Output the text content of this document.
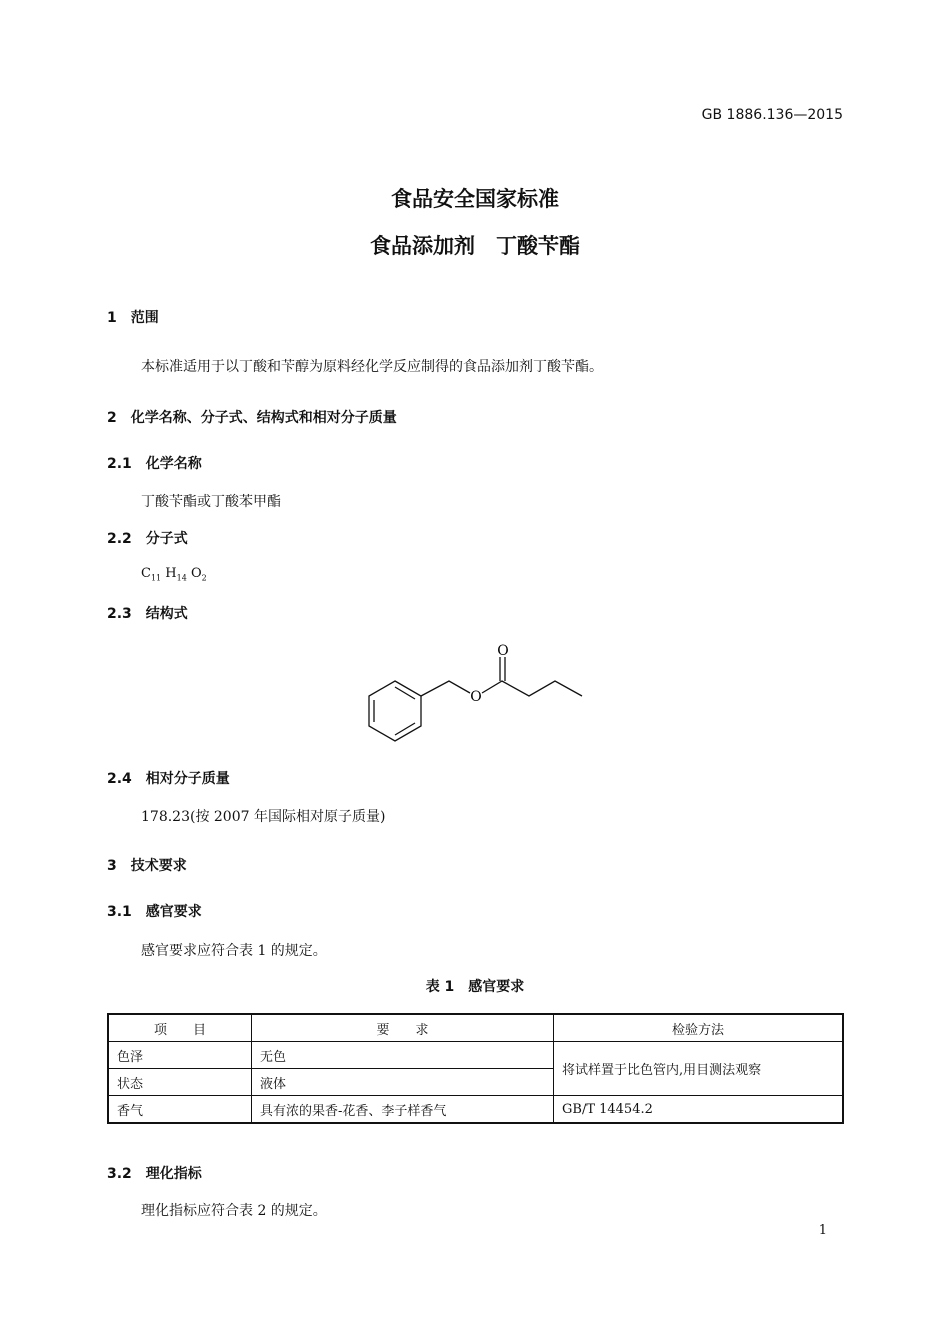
GB 1886.136—2015
食品安全国家标准
食品添加剂　丁酸苄酯
1　范围
本标准适用于以丁酸和苄醇为原料经化学反应制得的食品添加剂丁酸苄酯。
2　化学名称、分子式、结构式和相对分子质量
2.1　化学名称
丁酸苄酯或丁酸苯甲酯
2.2　分子式
$C_{11}$ $H_{14}$ $O_2$
2.3　结构式
O
O
2.4　相对分子质量
178.23(按 2007 年国际相对原子质量)
3　技术要求
3.1　感官要求
感官要求应符合表 1 的规定。
表 1　感官要求
项　　目	要　　求	检验方法
色泽	无色	将试样置于比色管内,用目测法观察
状态	液体	
香气	具有浓的果香-花香、李子样香气	GB/T 14454.2
3.2　理化指标
理化指标应符合表 2 的规定。
1
